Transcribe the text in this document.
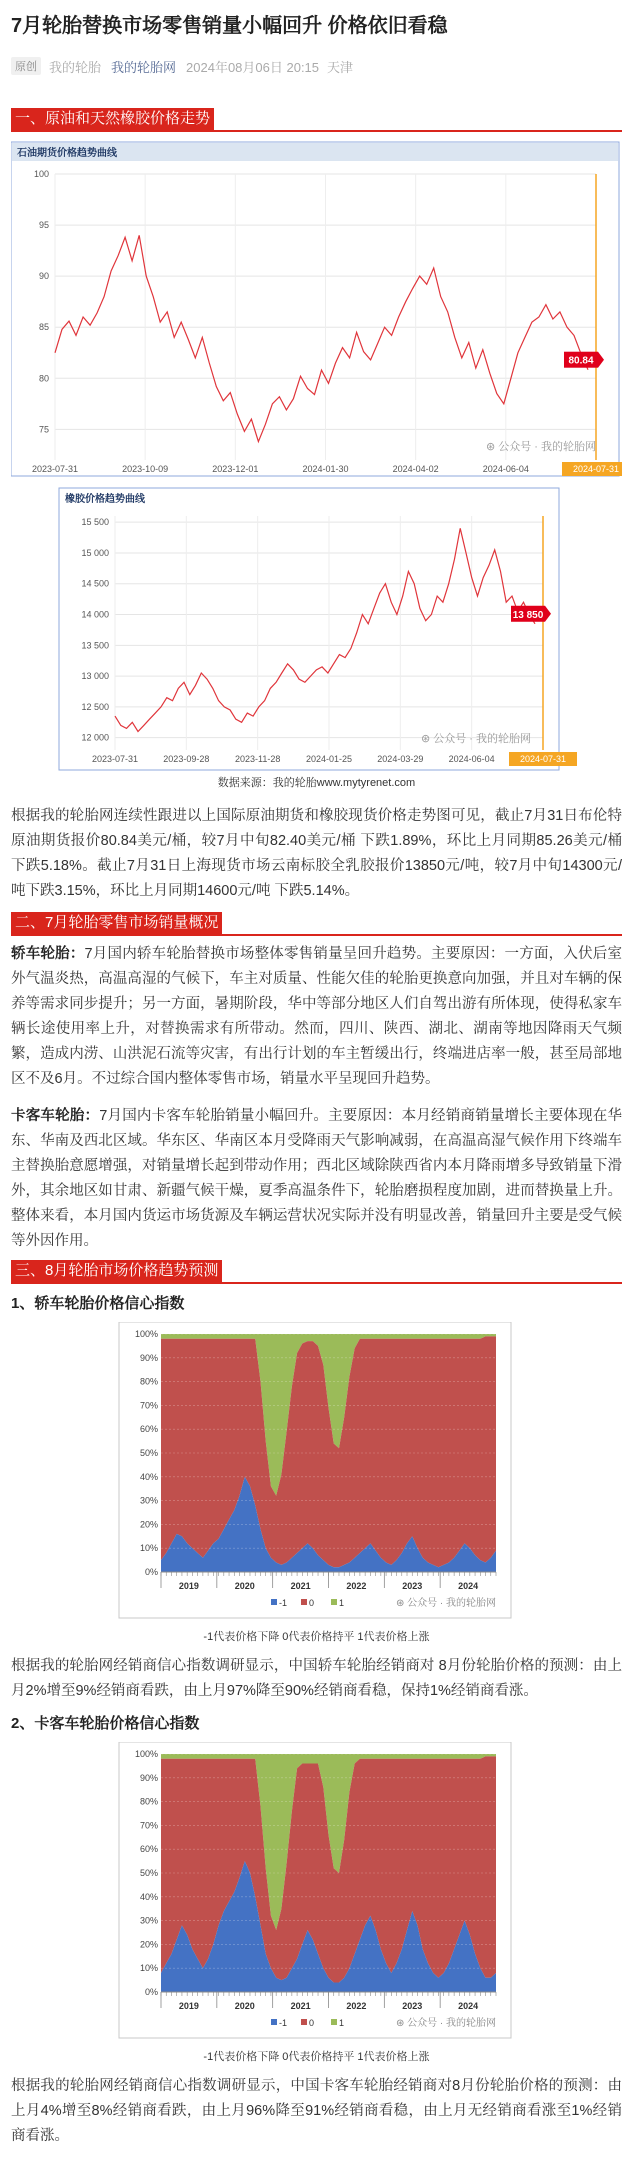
7月轮胎替换市场零售销量小幅回升 价格依旧看稳
原创 我的轮胎 我的轮胎网 2024年08月06日 20:15 天津
一、原油和天然橡胶价格走势
石油期货价格趋势曲线
75
80
85
90
95
100
2023-07-31	2023-10-09	2023-12-01	2024-01-30	2024-04-02	2024-06-04	2024-07-31
80.84
⊛ 公众号 · 我的轮胎网
橡胶价格趋势曲线
12 000
12 500
13 000
13 500
14 000
14 500
15 000
15 500
2023-07-31	2023-09-28	2023-11-28	2024-01-25	2024-03-29	2024-06-04	2024-07-31
13 850
⊛ 公众号 · 我的轮胎网
数据来源：我的轮胎www.mytyrenet.com
根据我的轮胎网连续性跟进以上国际原油期货和橡胶现货价格走势图可见，截止7月31日布伦特原油期货报价80.84美元/桶，较7月中旬82.40美元/桶 下跌1.89%，环比上月同期85.26美元/桶 下跌5.18%。截止7月31日上海现货市场云南标胶全乳胶报价13850元/吨，较7月中旬14300元/吨下跌3.15%，环比上月同期14600元/吨 下跌5.14%。
二、7月轮胎零售市场销量概况
轿车轮胎：7月国内轿车轮胎替换市场整体零售销量呈回升趋势。主要原因：一方面，入伏后室外气温炎热，高温高湿的气候下，车主对质量、性能欠佳的轮胎更换意向加强，并且对车辆的保养等需求同步提升；另一方面，暑期阶段，华中等部分地区人们自驾出游有所体现，使得私家车辆长途使用率上升，对替换需求有所带动。然而，四川、陕西、湖北、湖南等地因降雨天气频繁，造成内涝、山洪泥石流等灾害，有出行计划的车主暂缓出行，终端进店率一般，甚至局部地区不及6月。不过综合国内整体零售市场，销量水平呈现回升趋势。
卡客车轮胎：7月国内卡客车轮胎销量小幅回升。主要原因：本月经销商销量增长主要体现在华东、华南及西北区域。华东区、华南区本月受降雨天气影响减弱，在高温高湿气候作用下终端车主替换胎意愿增强，对销量增长起到带动作用；西北区域除陕西省内本月降雨增多导致销量下滑外，其余地区如甘肃、新疆气候干燥，夏季高温条件下，轮胎磨损程度加剧，进而替换量上升。整体来看，本月国内货运市场货源及车辆运营状况实际并没有明显改善，销量回升主要是受气候等外因作用。
三、8月轮胎市场价格趋势预测
1、轿车轮胎价格信心指数
0%
10%
20%
30%
40%
50%
60%
70%
80%
90%
100%
2019	2020	2021	2022	2023	2024
-1 0	1	⊛ 公众号 · 我的轮胎网
-1代表价格下降 0代表价格持平 1代表价格上涨
根据我的轮胎网经销商信心指数调研显示，中国轿车轮胎经销商对 8月份轮胎价格的预测：由上月2%增至9%经销商看跌，由上月97%降至90%经销商看稳，保持1%经销商看涨。
2、卡客车轮胎价格信心指数
0%
10%
20%
30%
40%
50%
60%
70%
80%
90%
100%
2019	2020	2021	2022	2023	2024
-1 0	1	⊛ 公众号 · 我的轮胎网
-1代表价格下降 0代表价格持平 1代表价格上涨
根据我的轮胎网经销商信心指数调研显示，中国卡客车轮胎经销商对8月份轮胎价格的预测：由上月4%增至8%经销商看跌，由上月96%降至91%经销商看稳，由上月无经销商看涨至1%经销商看涨。
